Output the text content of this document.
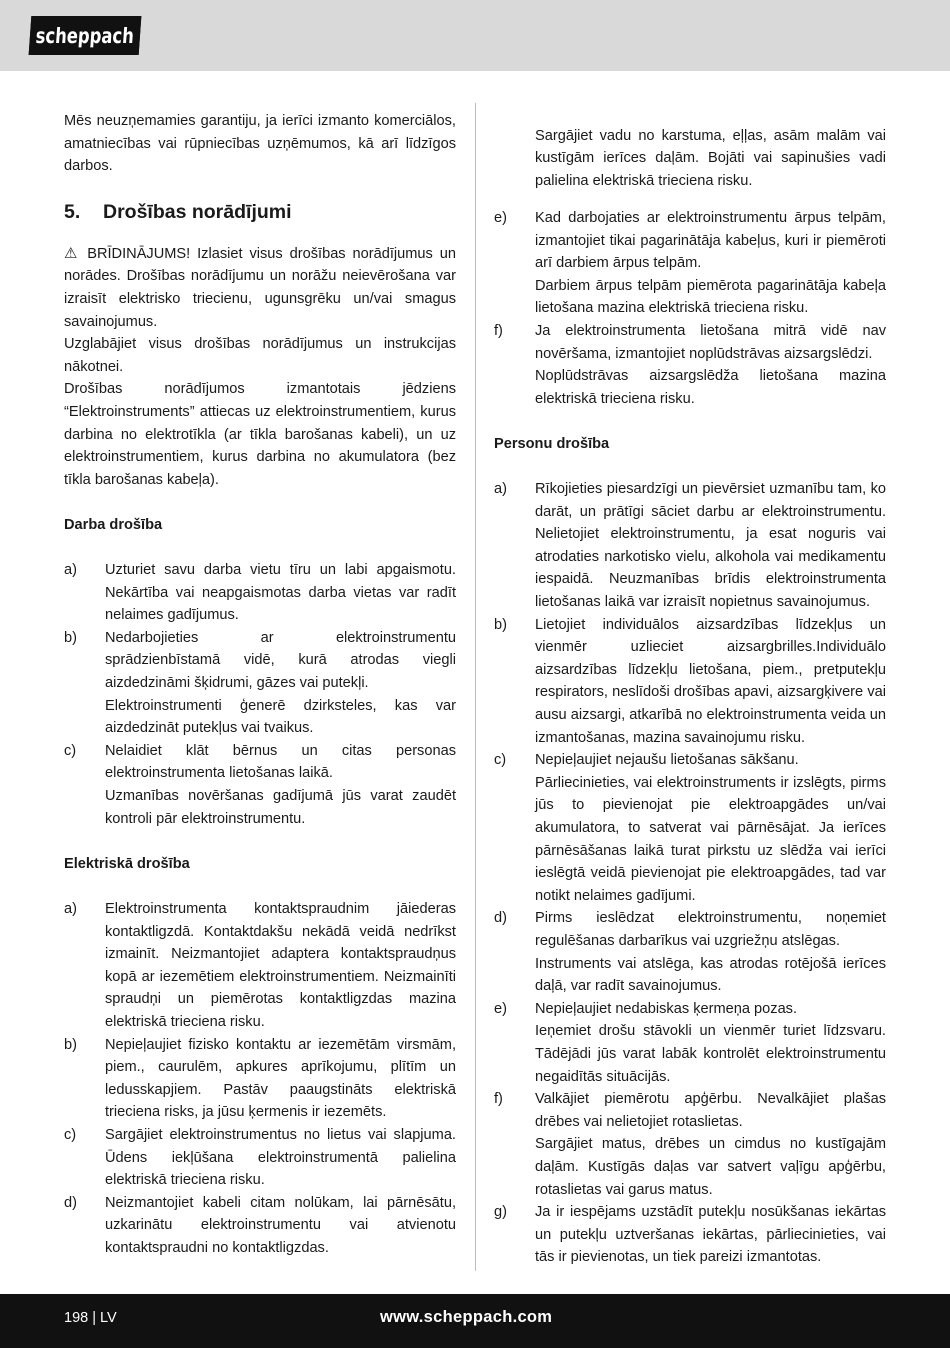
scheppach

Mēs neuzņemamies garantiju, ja ierīci izmanto komerciālos, amatniecības vai rūpniecības uzņēmumos, kā arī līdzīgos darbos.

5. Drošības norādījumi

⚠ BRĪDINĀJUMS! Izlasiet visus drošības norādījumus un norādes. Drošības norādījumu un norāžu neievērošana var izraisīt elektrisko triecienu, ugunsgrēku un/vai smagus savainojumus.

Uzglabājiet visus drošības norādījumus un instrukcijas nākotnei.

Drošības norādījumos izmantotais jēdziens “Elektroinstruments” attiecas uz elektroinstrumentiem, kurus darbina no elektrotīkla (ar tīkla barošanas kabeli), un uz elektroinstrumentiem, kurus darbina no akumulatora (bez tīkla barošanas kabeļa).

Darba drošība

a)	Uzturiet savu darba vietu tīru un labi apgaismotu. Nekārtība vai neapgaismotas darba vietas var radīt nelaimes gadījumus.
b)	Nedarbojieties ar elektroinstrumentu sprādzienbīstamā vidē, kurā atrodas viegli aizdedzināmi šķidrumi, gāzes vai putekļi.
Elektroinstrumenti ģenerē dzirksteles, kas var aizdedzināt putekļus vai tvaikus.
c)	Nelaidiet klāt bērnus un citas personas elektroinstrumenta lietošanas laikā.
Uzmanības novēršanas gadījumā jūs varat zaudēt kontroli pār elektroinstrumentu.

Elektriskā drošība

a)	Elektroinstrumenta kontaktspraudnim jāiederas kontaktligzdā. Kontaktdakšu nekādā veidā nedrīkst izmainīt. Neizmantojiet adaptera kontaktspraudņus kopā ar iezemētiem elektroinstrumentiem. Neizmainīti spraudņi un piemērotas kontaktligzdas mazina elektriskā trieciena risku.
b)	Nepieļaujiet fizisko kontaktu ar iezemētām virsmām, piem., caurulēm, apkures aprīkojumu, plītīm un ledusskapjiem. Pastāv paaugstināts elektriskā trieciena risks, ja jūsu ķermenis ir iezemēts.
c)	Sargājiet elektroinstrumentus no lietus vai slapjuma. Ūdens iekļūšana elektroinstrumentā palielina elektriskā trieciena risku.
d)	Neizmantojiet kabeli citam nolūkam, lai pārnēsātu, uzkarinātu elektroinstrumentu vai atvienotu kontaktspraudni no kontaktligzdas.

Sargājiet vadu no karstuma, eļļas, asām malām vai kustīgām ierīces daļām. Bojāti vai sapinušies vadi palielina elektriskā trieciena risku.

e)	Kad darbojaties ar elektroinstrumentu ārpus telpām, izmantojiet tikai pagarinātāja kabeļus, kuri ir piemēroti arī darbiem ārpus telpām.
Darbiem ārpus telpām piemērota pagarinātāja kabeļa lietošana mazina elektriskā trieciena risku.
f)	Ja elektroinstrumenta lietošana mitrā vidē nav novēršama, izmantojiet noplūdstrāvas aizsargslēdzi.
Noplūdstrāvas aizsargslēdža lietošana mazina elektriskā trieciena risku.

Personu drošība

a)	Rīkojieties piesardzīgi un pievērsiet uzmanību tam, ko darāt, un prātīgi sāciet darbu ar elektroinstrumentu. Nelietojiet elektroinstrumentu, ja esat noguris vai atrodaties narkotisko vielu, alkohola vai medikamentu iespaidā. Neuzmanības brīdis elektroinstrumenta lietošanas laikā var izraisīt nopietnus savainojumus.
b)	Lietojiet individuālos aizsardzības līdzekļus un vienmēr uzlieciet aizsargbrilles.Individuālo aizsardzības līdzekļu lietošana, piem., pretputekļu respirators, neslīdoši drošības apavi, aizsargķivere vai ausu aizsargi, atkarībā no elektroinstrumenta veida un izmantošanas, mazina savainojumu risku.
c)	Nepieļaujiet nejaušu lietošanas sākšanu.
Pārliecinieties, vai elektroinstruments ir izslēgts, pirms jūs to pievienojat pie elektroapgādes un/vai akumulatora, to satverat vai pārnēsājat. Ja ierīces pārnēsāšanas laikā turat pirkstu uz slēdža vai ierīci ieslēgtā veidā pievienojat pie elektroapgādes, tad var notikt nelaimes gadījumi.
d)	Pirms ieslēdzat elektroinstrumentu, noņemiet regulēšanas darbarīkus vai uzgriežņu atslēgas.
Instruments vai atslēga, kas atrodas rotējošā ierīces daļā, var radīt savainojumus.
e)	Nepieļaujiet nedabiskas ķermeņa pozas.
Ieņemiet drošu stāvokli un vienmēr turiet līdzsvaru. Tādējādi jūs varat labāk kontrolēt elektroinstrumentu negaidītās situācijās.
f)	Valkājiet piemērotu apģērbu. Nevalkājiet plašas drēbes vai nelietojiet rotaslietas.
Sargājiet matus, drēbes un cimdus no kustīgajām daļām. Kustīgās daļas var satvert vaļīgu apģērbu, rotaslietas vai garus matus.
g)	Ja ir iespējams uzstādīt putekļu nosūkšanas iekārtas un putekļu uztveršanas iekārtas, pārliecinieties, vai tās ir pievienotas, un tiek pareizi izmantotas.
198 | LV	www.scheppach.com
